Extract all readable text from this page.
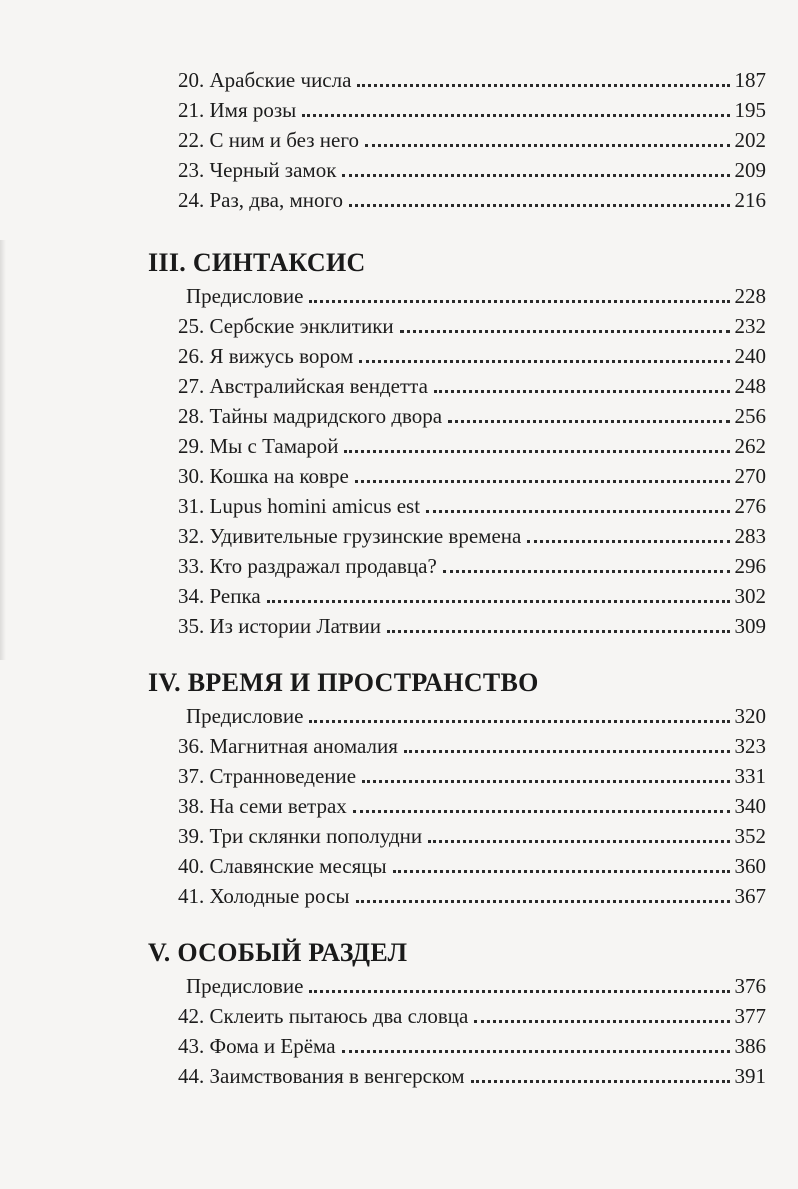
20. Арабские числа	187
21. Имя розы	195
22. С ним и без него	202
23. Черный замок	209
24. Раз, два, много	216
III. СИНТАКСИС
Предисловие	228
25. Сербские энклитики	232
26. Я вижусь вором	240
27. Австралийская вендетта	248
28. Тайны мадридского двора	256
29. Мы с Тамарой	262
30. Кошка на ковре	270
31. Lupus homini amicus est	276
32. Удивительные грузинские времена	283
33. Кто раздражал продавца?	296
34. Репка	302
35. Из истории Латвии	309
IV. ВРЕМЯ И ПРОСТРАНСТВО
Предисловие	320
36. Магнитная аномалия	323
37. Странноведение	331
38. На семи ветрах	340
39. Три склянки пополудни	352
40. Славянские месяцы	360
41. Холодные росы	367
V. ОСОБЫЙ РАЗДЕЛ
Предисловие	376
42. Склеить пытаюсь два словца	377
43. Фома и Ерёма	386
44. Заимствования в венгерском	391
